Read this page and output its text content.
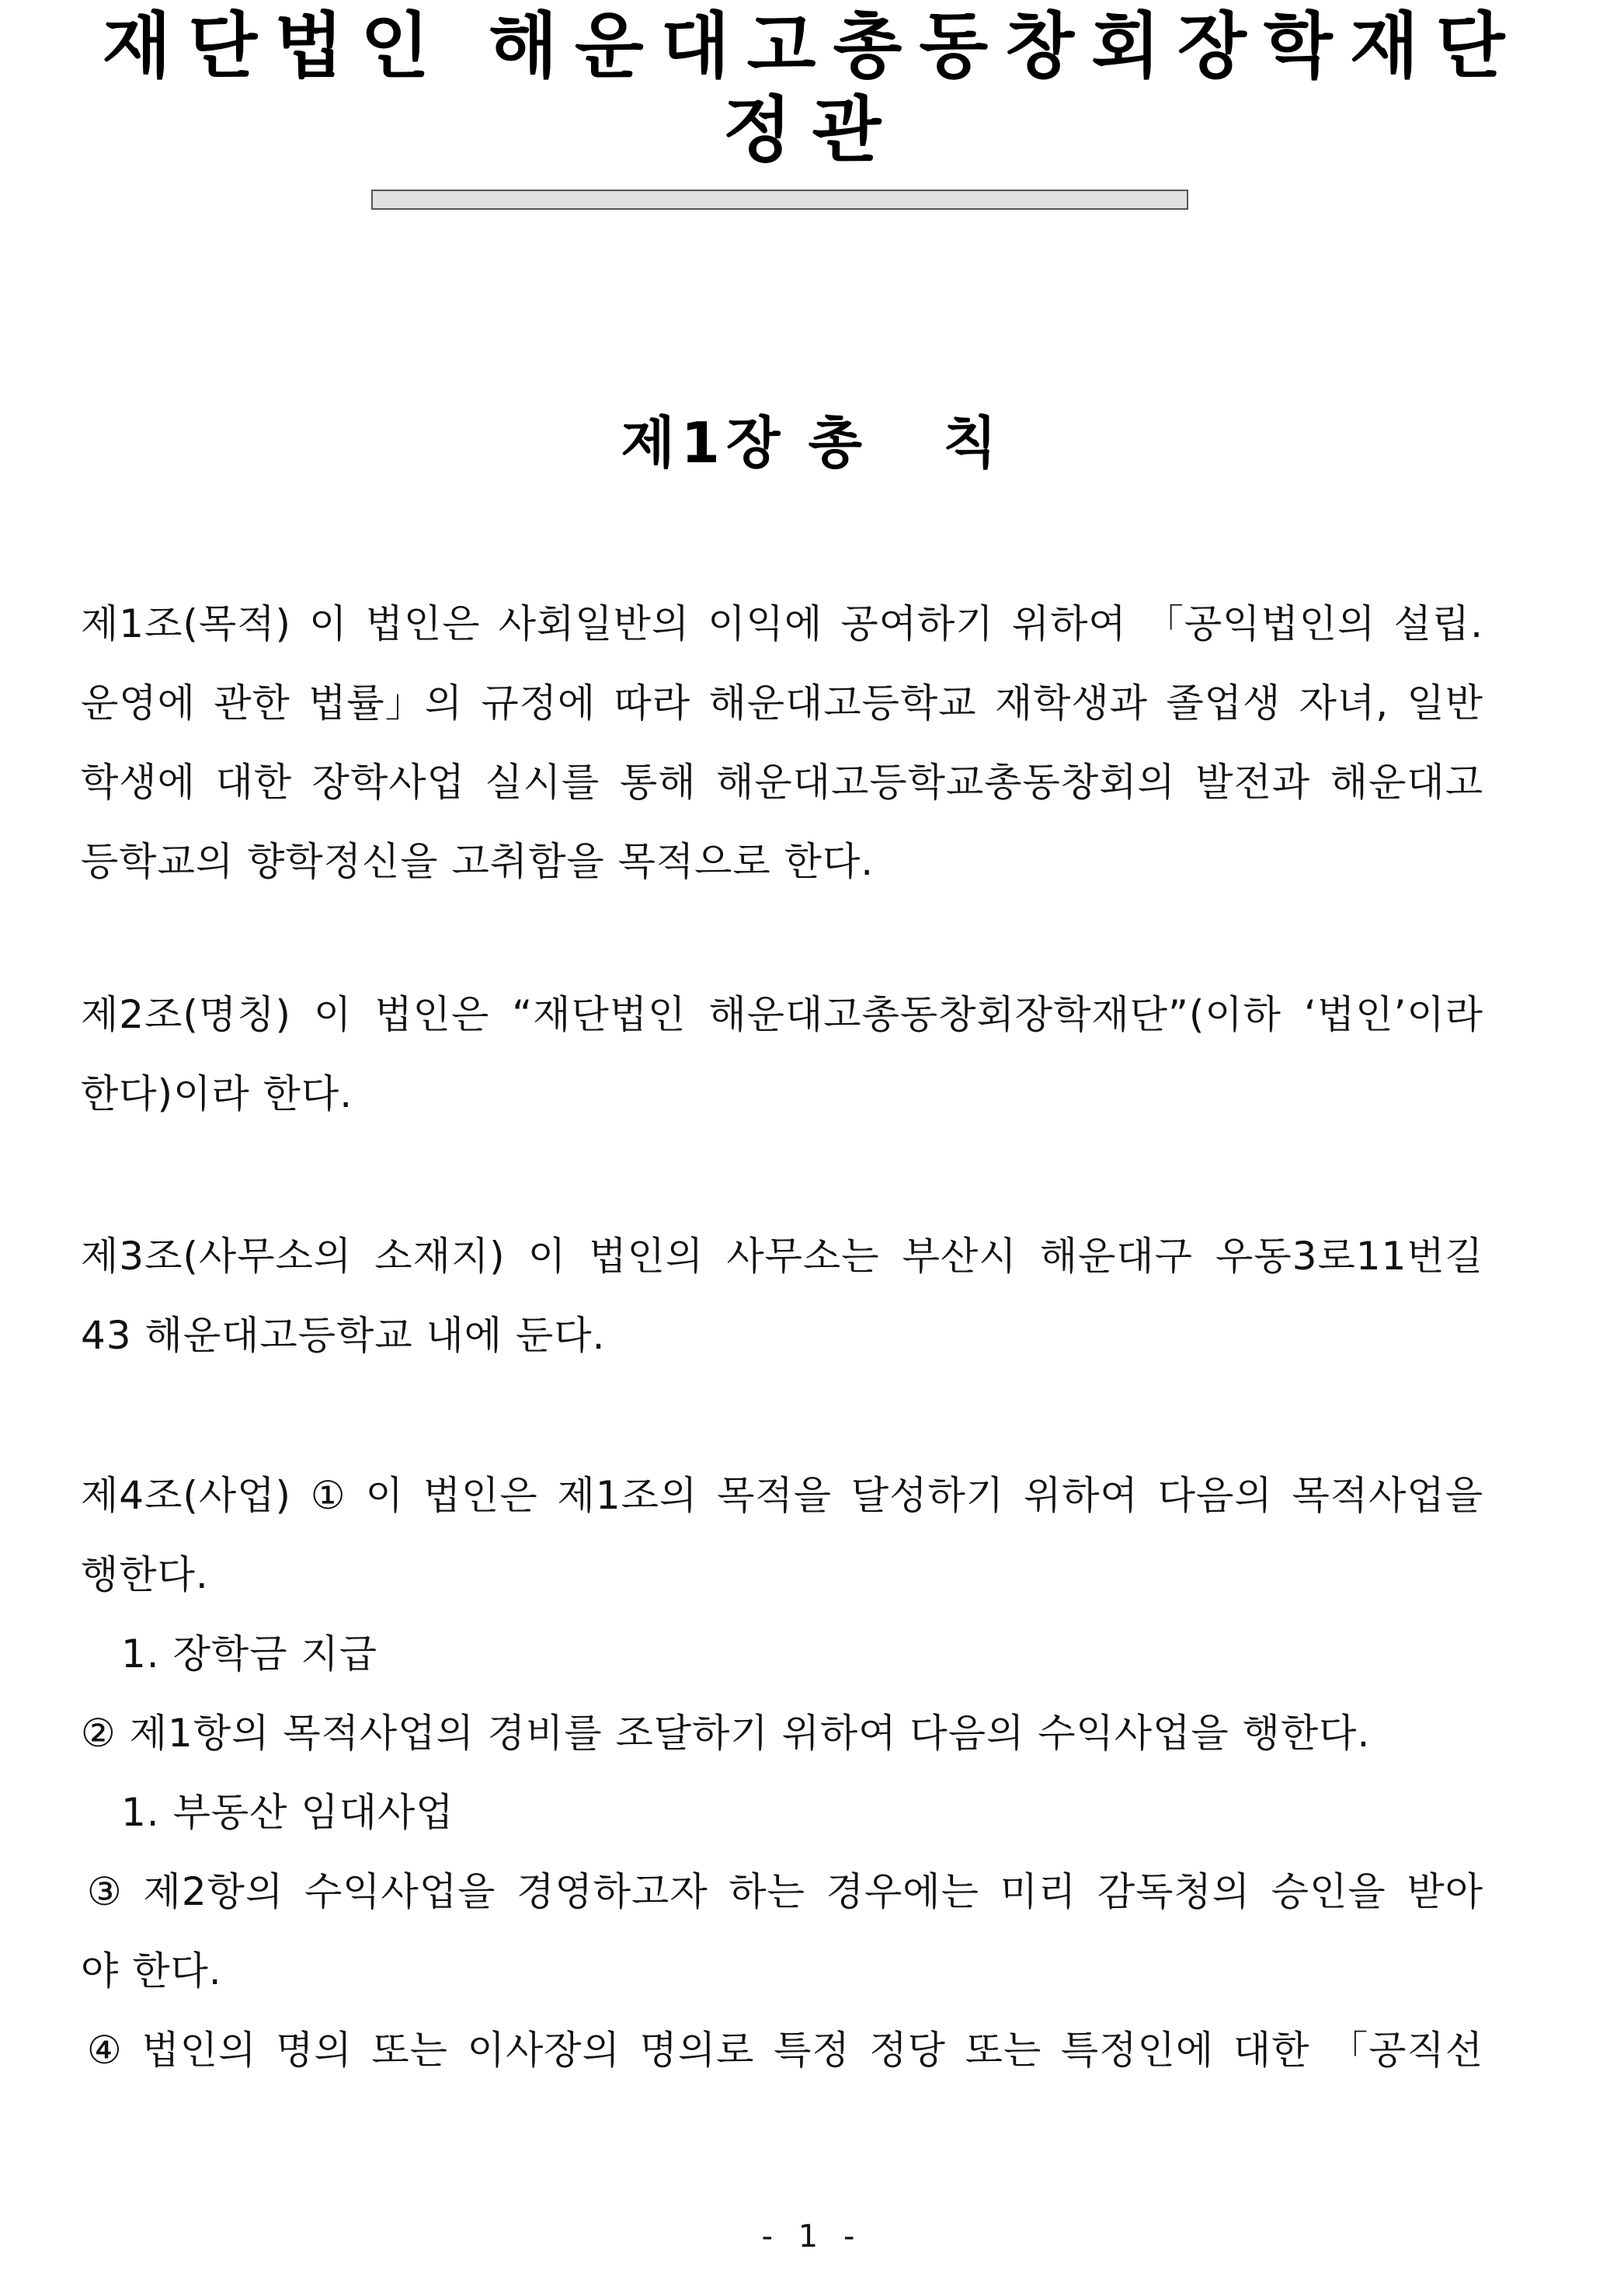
재단법인 해운대고총동창회장학재단
정관
제1장 총 칙
제1조(목적) 이 법인은 사회일반의 이익에 공여하기 위하여 「공익법인의 설립.
운영에 관한 법률」의 규정에 따라 해운대고등학교 재학생과 졸업생 자녀, 일반
학생에 대한 장학사업 실시를 통해 해운대고등학교총동창회의 발전과 해운대고
등학교의 향학정신을 고취함을 목적으로 한다.
제2조(명칭) 이 법인은 “재단법인 해운대고총동창회장학재단”(이하 ‘법인’이라
한다)이라 한다.
제3조(사무소의 소재지) 이 법인의 사무소는 부산시 해운대구 우동3로11번길
43 해운대고등학교 내에 둔다.
제4조(사업) ① 이 법인은 제1조의 목적을 달성하기 위하여 다음의 목적사업을
행한다.
1. 장학금 지급
② 제1항의 목적사업의 경비를 조달하기 위하여 다음의 수익사업을 행한다.
1. 부동산 임대사업
③ 제2항의 수익사업을 경영하고자 하는 경우에는 미리 감독청의 승인을 받아
야 한다.
④ 법인의 명의 또는 이사장의 명의로 특정 정당 또는 특정인에 대한 「공직선
- 1 -
